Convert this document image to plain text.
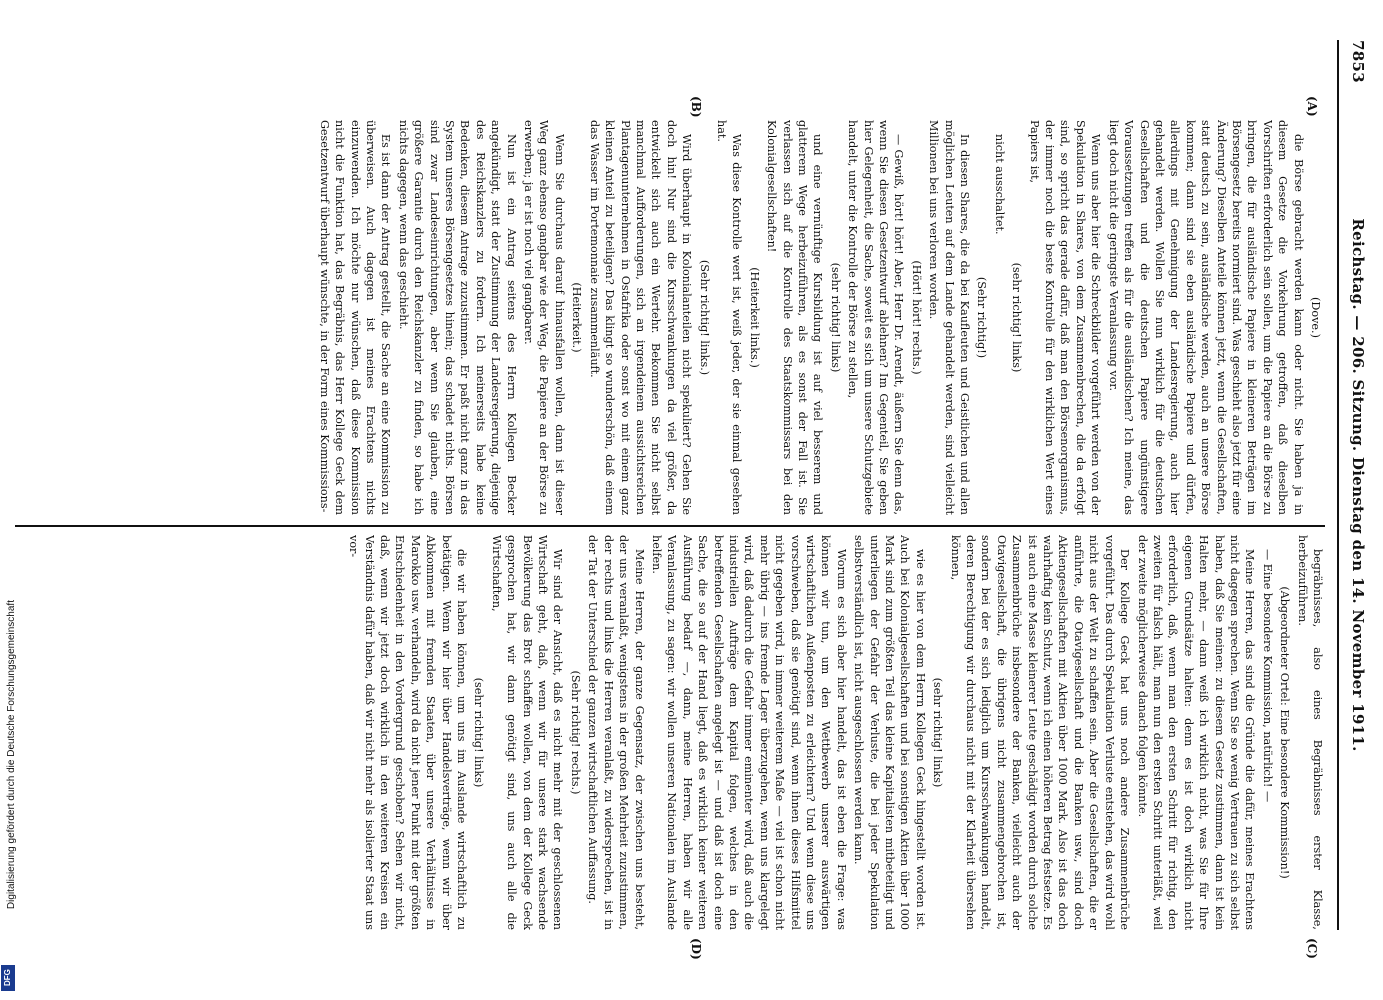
7853
Reichstag. — 206. Sitzung. Dienstag den 14. November 1911.
(A)
(B)
(C)
(D)

(Dove.)

die Börse gebracht werden kann oder nicht. Sie haben ja in diesem Gesetze die Vorkehrung getroffen, daß dieselben Vorschriften erforderlich sein sollen, um die Papiere an die Börse zu bringen, die für ausländische Papiere in kleineren Beträgen im Börsengesetz bereits normiert sind. Was geschieht also jetzt für eine Änderung? Dieselben Anteile können jetzt, wenn die Gesellschaften, statt deutsch zu sein, ausländische werden, auch an unsere Börse kommen; dann sind sie eben ausländische Papiere und dürfen, allerdings mit Genehmigung der Landesregierung, auch hier gehandelt werden. Wollen Sie nun wirklich für die deutschen Gesellschaften und die deutschen Papiere ungünstigere Voraussetzungen treffen als für die ausländischen? Ich meine, das liegt doch nicht die geringste Veranlassung vor.

Wenn uns aber hier die Schreckbilder vorgeführt werden von der Spekulation in Shares, von dem Zusammenbrechen, die da erfolgt sind, so spricht das gerade dafür, daß man den Börsenorganismus, der immer noch die beste Kontrolle für den wirklichen Wert eines Papiers ist,

(sehr richtig! links)

nicht ausschaltet.

(Sehr richtig!)

In diesen Shares, die da bei Kaufleuten und Geistlichen und allen möglichen Leuten auf dem Lande gehandelt werden, sind vielleicht Millionen bei uns verloren worden.

(Hört! hört! rechts.)

— Gewiß, hört! hört! Aber, Herr Dr. Arendt, äußern Sie denn das, wenn Sie diesen Gesetzentwurf ablehnen? Im Gegenteil, Sie geben hier Gelegenheit, die Sache, soweit es sich um unsere Schutzgebiete handelt, unter die Kontrolle der Börse zu stellen,

(sehr richtig! links)

und eine vernünftige Kursbildung ist auf viel besserem und glatterem Wege herbeizuführen, als es sonst der Fall ist. Sie verlassen sich auf die Kontrolle des Staatskommissars bei den Kolonialgesellschaften!

(Heiterkeit links.)

Was diese Kontrolle wert ist, weiß jeder, der sie einmal gesehen hat.

(Sehr richtig! links.)

Wird überhaupt in Kolonialanteilen nicht spekuliert? Gehen Sie doch hin! Nur sind die Kursschwankungen da viel größer, da entwickelt sich auch ein Wertehr. Bekommen Sie nicht selbst manchmal Aufforderungen, sich an irgendeinem aussichtsreichen Plantagenunternehmen in Ostafrika oder sonst wo mit einem ganz kleinen Anteil zu beteiligen? Das klingt so wunderschön, daß einem das Wasser im Portemonnaie zusammenläuft.

(Heiterkeit.)

Wenn Sie durchaus darauf hinausfallen wollen, dann ist dieser Weg ganz ebenso gangbar wie der Weg, die Papiere an der Börse zu erwerben; ja er ist noch viel gangbarer.

Nun ist ein Antrag seitens des Herrn Kollegen Becker angekündigt, statt der Zustimmung der Landesregierung, diejenige des Reichskanzlers zu fordern. Ich meinerseits habe keine Bedenken, diesem Antrage zuzustimmen. Er paßt nicht ganz in das System unseres Börsengesetzes hinein; das schadet nichts. Börsen sind zwar Landeseinrichtungen, aber wenn Sie glauben, eine größere Garantie durch den Reichskanzler zu finden, so habe ich nichts dagegen, wenn das geschieht.

Es ist dann der Antrag gestellt, die Sache an eine Kommission zu überweisen. Auch dagegen ist meines Erachtens nichts einzuwenden. Ich möchte nur wünschen, daß diese Kommission nicht die Funktion hat, das Begräbnis, das Herr Kollege Geck dem Gesetzentwurf überhaupt wünschte, in der Form eines Kommissions-

begräbnisses, also eines Begräbnisses erster Klasse, herbeizuführen.

(Abgeordneter Ortel: Eine besondere Kommission!)

— Eine besondere Kommission, natürlich! —

Meine Herren, das sind die Gründe die dafür, meines Erachtens nicht dagegen sprechen. Wenn Sie so wenig Vertrauen zu sich selbst haben, daß Sie meinen: zu diesem Gesetz zustimmen, dann ist kein Halten mehr, — dann weiß ich wirklich nicht, was Sie für Ihre eigenen Grundsätze halten: denn es ist doch wirklich nicht erforderlich, daß, wenn man den ersten Schritt für richtig, den zweiten für falsch hält, man nun den ersten Schritt unterläßt, weil der zweite möglicherweise danach folgen könnte.

Der Kollege Geck hat uns noch andere Zusammenbrüche vorgeführt. Das durch Spekulation Verluste entstehen, das wird wohl nicht aus der Welt zu schaffen sein. Aber die Gesellschaften, die er anführte, die Otavigesellschaft und die Banken usw., sind doch Aktiengesellschaften mit Aktien über 1000 Mark. Also ist das doch wahrhaftig kein Schutz, wenn ich einen höheren Betrag festsetze. Es ist auch eine Masse kleinerer Leute geschädigt worden durch solche Zusammenbrüche insbesondere der Banken, vielleicht auch der Otavigesellschaft, die übrigens nicht zusammengebrochen ist, sondern bei der es sich lediglich um Kursschwankungen handelt, deren Berechtigung wir durchaus nicht mit der Klarheit übersehen können,

(sehr richtig! links)

wie es hier von dem Herrn Kollegen Geck hingestellt worden ist. Auch bei Kolonialgesellschaften und bei sonstigen Aktien über 1000 Mark sind zum größten Teil das kleine Kapitalisten mitbeteiligt und unterliegen der Gefahr der Verluste, die bei jeder Spekulation selbstverständlich ist, nicht ausgeschlossen werden kann.

Worum es sich aber hier handelt, das ist eben die Frage: was können wir tun, um den Wettbewerb unserer auswärtigen wirtschaftlichen Außenposten zu erleichtern? Und wenn diese uns vorschweben, daß sie genötigt sind, wenn ihnen dieses Hilfsmittel nicht gegeben wird, in immer weiterem Maße — viel ist schon nicht mehr übrig — ins fremde Lager überzugehen, wenn uns klargelegt wird, daß dadurch die Gefahr immer eminenter wird, daß auch die industriellen Aufträge dem Kapital folgen, welches in den betreffenden Gesellschaften angelegt ist — und daß ist doch eine Sache, die so auf der Hand liegt, daß es wirklich keiner weiteren Ausführung bedarf —, dann, meine Herren, haben wir alle Veranlassung, zu sagen: wir wollen unseren Nationalen im Auslande helfen.

Meine Herren, der ganze Gegensatz, der zwischen uns besteht, der uns veranlaßt, wenigstens in der großen Mehrheit zuzustimmen, der rechts und links die Herren veranlaßt, zu widersprechen, ist in der Tat der Unterschied der ganzen wirtschaftlichen Auffassung.

(Sehr richtig! rechts.)

Wir sind der Ansicht, daß es nicht mehr mit der geschlossenen Wirtschaft geht, daß, wenn wir für unsere stark wachsende Bevölkerung das Brot schaffen wollen, von dem der Kollege Geck gesprochen hat, wir dann genötigt sind, uns auch alle die Wirtschaften,

(sehr richtig! links)

die wir haben können, um uns im Auslande wirtschaftlich zu betätigen. Wenn wir hier über Handelsverträge, wenn wir über Abkommen mit fremden Staaten, über unsere Verhältnisse in Marokko usw. verhandeln, wird da nicht jener Punkt mit der größten Entschiedenheit in den Vordergrund geschoben? Sehen wir nicht, daß, wenn wir jetzt doch wirklich in den weiteren Kreisen ein Verständnis dafür haben, daß wir nicht mehr als isolierter Staat uns vor-

Digitalisierung gefördert durch die Deutsche Forschungsgemeinschaft
DFG
